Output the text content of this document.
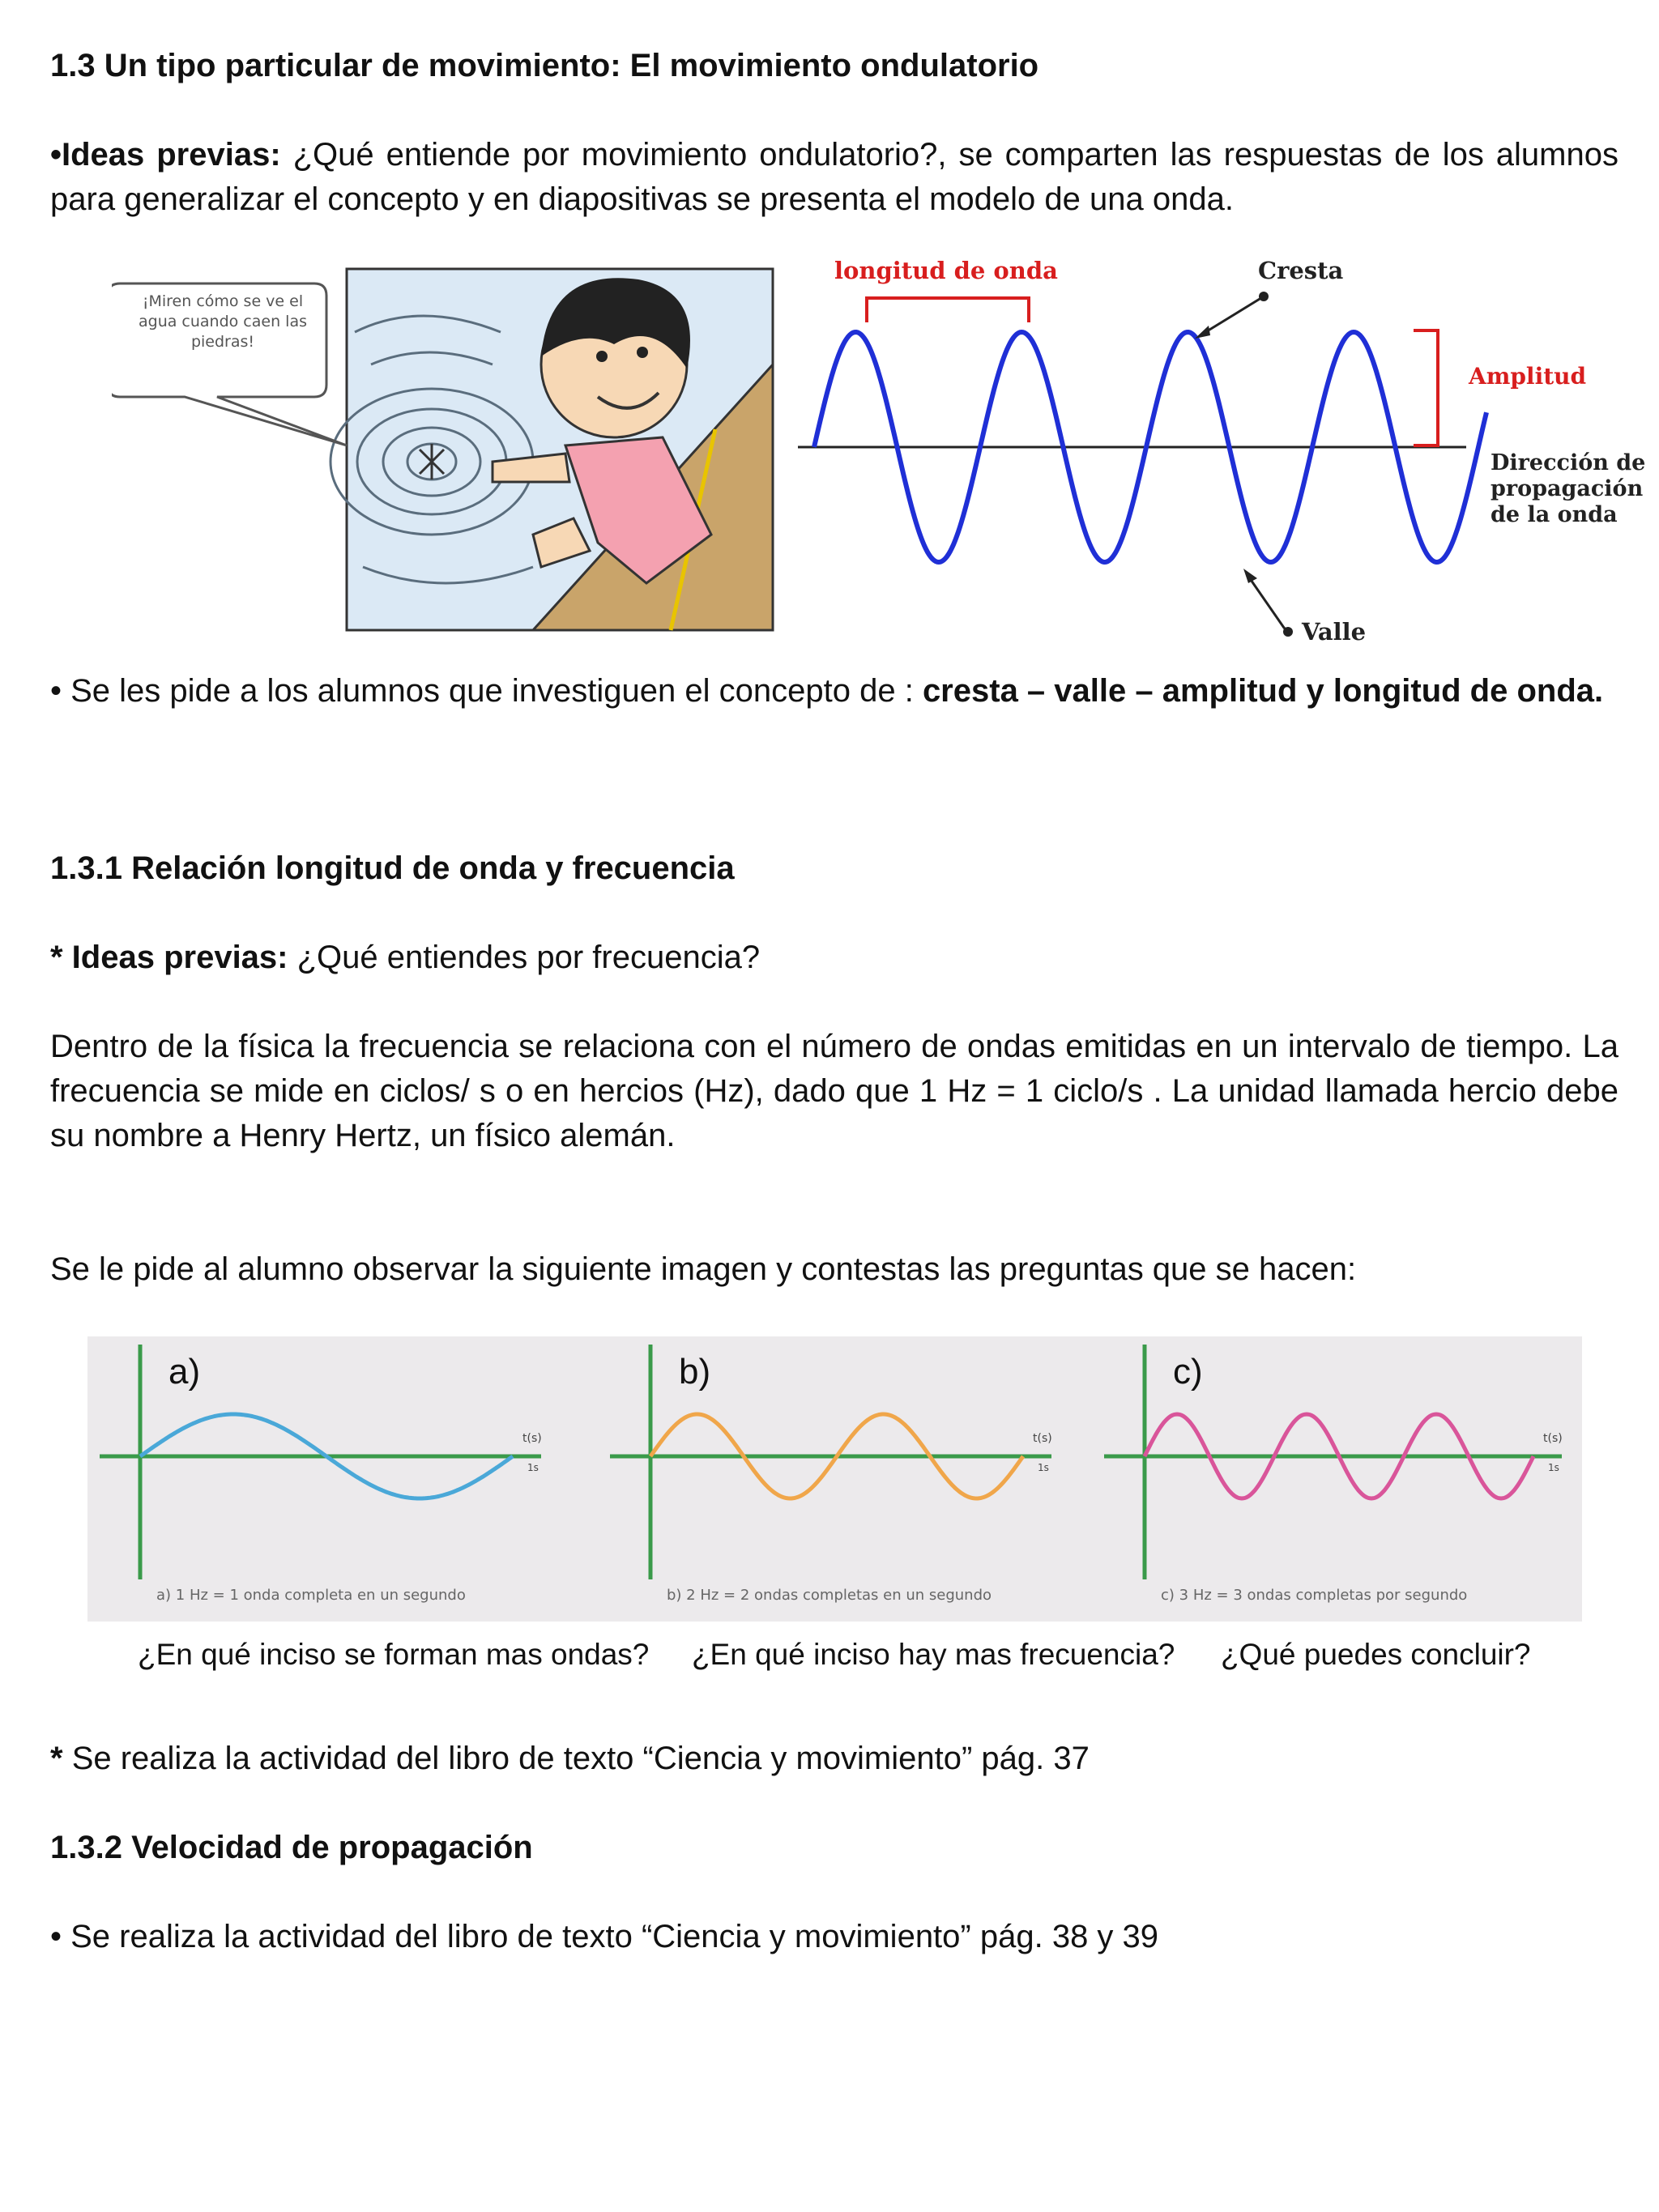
1.3 Un tipo particular de movimiento: El movimiento ondulatorio
•Ideas previas: ¿Qué entiende por movimiento ondulatorio?, se comparten las respuestas de los alumnos para generalizar el concepto y en diapositivas se presenta el modelo de una onda.
¡Miren cómo se ve el agua cuando caen las piedras!
longitud de onda	Cresta
Amplitud
Dirección de
propagación
de la onda
Valle
• Se les pide a los alumnos que investiguen el concepto de : cresta – valle – amplitud y longitud de onda.
1.3.1 Relación longitud de onda y frecuencia
* Ideas previas: ¿Qué entiendes por frecuencia?
Dentro de la física la frecuencia se relaciona con el número de ondas emitidas en un intervalo de tiempo. La frecuencia se mide en ciclos/ s o en hercios (Hz), dado que 1 Hz = 1 ciclo/s . La unidad llamada hercio debe su nombre a Henry Hertz, un físico alemán.
Se le pide al alumno observar la siguiente imagen y contestas las preguntas que se hacen:
a)
t(s)
1s
a) 1 Hz = 1 onda completa en un segundo
b)
t(s)
1s
b) 2 Hz = 2 ondas completas en un segundo
c)
t(s)
1s
c) 3 Hz = 3 ondas completas por segundo
¿En qué inciso se forman mas ondas? ¿En qué inciso hay mas frecuencia? ¿Qué puedes concluir?
* Se realiza la actividad del libro de texto “Ciencia y movimiento” pág. 37
1.3.2 Velocidad de propagación
• Se realiza la actividad del libro de texto “Ciencia y movimiento” pág. 38 y 39
